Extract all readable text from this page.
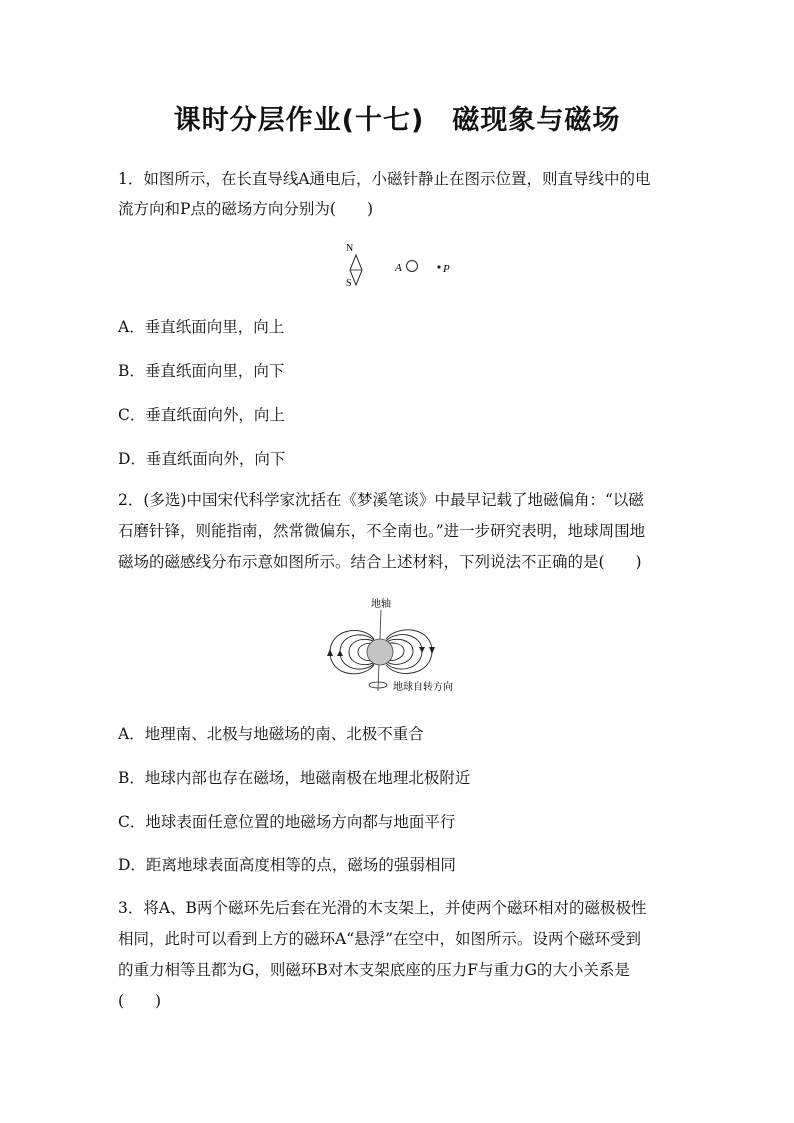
课时分层作业(十七)　磁现象与磁场
1．如图所示，在长直导线A通电后，小磁针静止在图示位置，则直导线中的电
流方向和P点的磁场方向分别为(　　)
N
S
A	P
A．垂直纸面向里，向上
B．垂直纸面向里，向下
C．垂直纸面向外，向上
D．垂直纸面向外，向下
2．(多选)中国宋代科学家沈括在《梦溪笔谈》中最早记载了地磁偏角：“以磁
石磨针锋，则能指南，然常微偏东，不全南也。”进一步研究表明，地球周围地
磁场的磁感线分布示意如图所示。结合上述材料，下列说法不正确的是(　　)
地轴
地球自转方向
A．地理南、北极与地磁场的南、北极不重合
B．地球内部也存在磁场，地磁南极在地理北极附近
C．地球表面任意位置的地磁场方向都与地面平行
D．距离地球表面高度相等的点，磁场的强弱相同
3．将A、B两个磁环先后套在光滑的木支架上，并使两个磁环相对的磁极极性
相同，此时可以看到上方的磁环A“悬浮”在空中，如图所示。设两个磁环受到
的重力相等且都为G，则磁环B对木支架底座的压力F与重力G的大小关系是
(　　)
